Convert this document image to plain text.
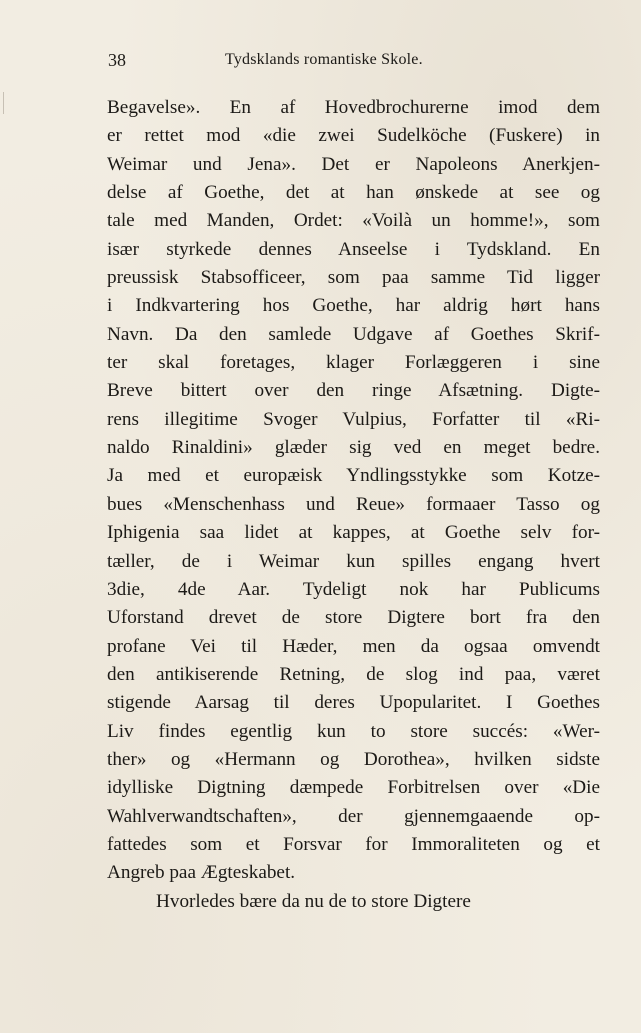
38	Tydsklands romantiske Skole.
Begavelse». En af Hovedbrochurerne imod dem
er rettet mod «die zwei Sudelköche (Fuskere) in
Weimar und Jena». Det er Napoleons Anerkjen-
delse af Goethe, det at han ønskede at see og
tale med Manden, Ordet: «Voilà un homme!», som
især styrkede dennes Anseelse i Tydskland. En
preussisk Stabsofficeer, som paa samme Tid ligger
i Indkvartering hos Goethe, har aldrig hørt hans
Navn. Da den samlede Udgave af Goethes Skrif-
ter skal foretages, klager Forlæggeren i sine
Breve bittert over den ringe Afsætning. Digte-
rens illegitime Svoger Vulpius, Forfatter til «Ri-
naldo Rinaldini» glæder sig ved en meget bedre.
Ja med et europæisk Yndlingsstykke som Kotze-
bues «Menschenhass und Reue» formaaer Tasso og
Iphigenia saa lidet at kappes, at Goethe selv for-
tæller, de i Weimar kun spilles engang hvert
3die, 4de Aar. Tydeligt nok har Publicums
Uforstand drevet de store Digtere bort fra den
profane Vei til Hæder, men da ogsaa omvendt
den antikiserende Retning, de slog ind paa, været
stigende Aarsag til deres Upopularitet. I Goethes
Liv findes egentlig kun to store succés: «Wer-
ther» og «Hermann og Dorothea», hvilken sidste
idylliske Digtning dæmpede Forbitrelsen over «Die
Wahlverwandtschaften», der gjennemgaaende op-
fattedes som et Forsvar for Immoraliteten og et
Angreb paa Ægteskabet.
Hvorledes bære da nu de to store Digtere
